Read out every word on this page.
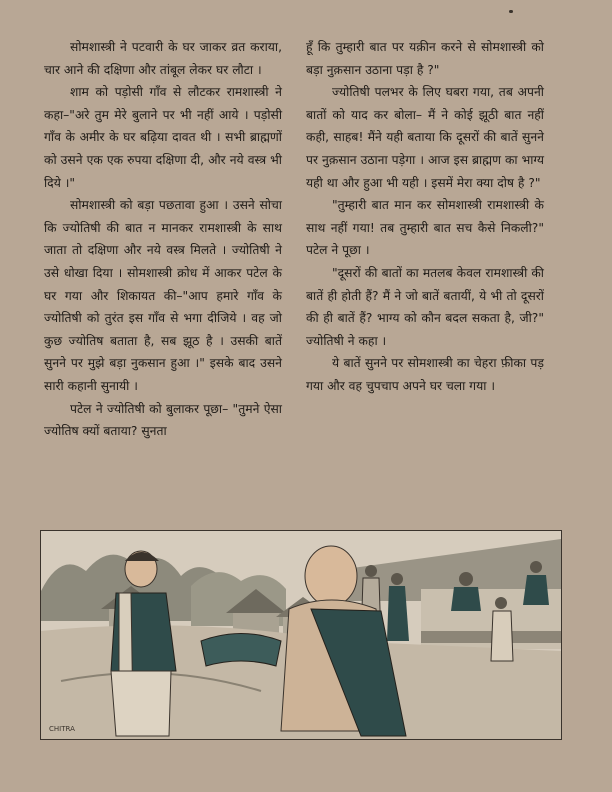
सोमशास्त्री ने पटवारी के घर जाकर व्रत कराया, चार आने की दक्षिणा और तांबूल लेकर घर लौटा ।

शाम को पड़ोसी गाँव से लौटकर रामशास्त्री ने कहा–"अरे तुम मेरे बुलाने पर भी नहीं आये । पड़ोसी गाँव के अमीर के घर बढ़िया दावत थी । सभी ब्राह्मणों को उसने एक एक रुपया दक्षिणा दी, और नये वस्त्र भी दिये ।"

सोमशास्त्री को बड़ा पछतावा हुआ । उसने सोचा कि ज्योतिषी की बात न मानकर रामशास्त्री के साथ जाता तो दक्षिणा और नये वस्त्र मिलते । ज्योतिषी ने उसे धोखा दिया । सोमशास्त्री क्रोध में आकर पटेल के घर गया और शिकायत की–"आप हमारे गाँव के ज्योतिषी को तुरंत इस गाँव से भगा दीजिये । वह जो कुछ ज्योतिष बताता है, सब झूठ है । उसकी बातें सुनने पर मुझे बड़ा नुकसान हुआ ।" इसके बाद उसने सारी कहानी सुनायी ।

पटेल ने ज्योतिषी को बुलाकर पूछा– "तुमने ऐसा ज्योतिष क्यों बताया? सुनता

हूँ कि तुम्हारी बात पर यक़ीन करने से सोमशास्त्री को बड़ा नुक़सान उठाना पड़ा है ?"

ज्योतिषी पलभर के लिए घबरा गया, तब अपनी बातों को याद कर बोला– मैं ने कोई झूठी बात नहीं कही, साहब! मैंने यही बताया कि दूसरों की बातें सुनने पर नुक़सान उठाना पड़ेगा । आज इस ब्राह्मण का भाग्य यही था और हुआ भी यही । इसमें मेरा क्या दोष है ?"

"तुम्हारी बात मान कर सोमशास्त्री रामशास्त्री के साथ नहीं गया! तब तुम्हारी बात सच कैसे निकली?" पटेल ने पूछा ।

"दूसरों की बातों का मतलब केवल रामशास्त्री की बातें ही होती हैं? मैं ने जो बातें बतायीं, ये भी तो दूसरों की ही बातें हैं? भाग्य को कौन बदल सकता है, जी?" ज्योतिषी ने कहा ।

ये बातें सुनने पर सोमशास्त्री का चेहरा फ़ीका पड़ गया और वह चुपचाप अपने घर चला गया ।

CHITRA
